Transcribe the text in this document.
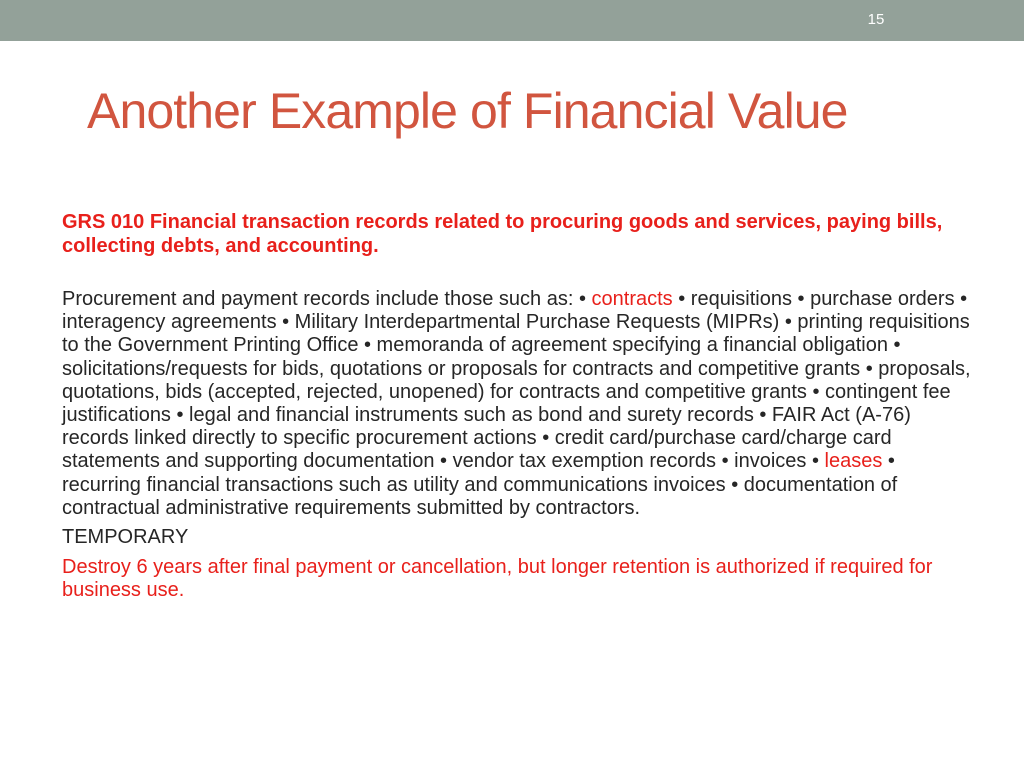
15
Another Example of Financial Value

GRS 010 Financial transaction records related to procuring goods and services, paying bills, collecting debts, and accounting.

Procurement and payment records include those such as: • contracts • requisitions • purchase orders • interagency agreements • Military Interdepartmental Purchase Requests (MIPRs) • printing requisitions to the Government Printing Office • memoranda of agreement specifying a financial obligation • solicitations/requests for bids, quotations or proposals for contracts and competitive grants • proposals, quotations, bids (accepted, rejected, unopened) for contracts and competitive grants • contingent fee justifications • legal and financial instruments such as bond and surety records • FAIR Act (A-76) records linked directly to specific procurement actions • credit card/purchase card/charge card statements and supporting documentation • vendor tax exemption records • invoices • leases • recurring financial transactions such as utility and communications invoices • documentation of contractual administrative requirements submitted by contractors.

TEMPORARY

Destroy 6 years after final payment or cancellation, but longer retention is authorized if required for business use.
